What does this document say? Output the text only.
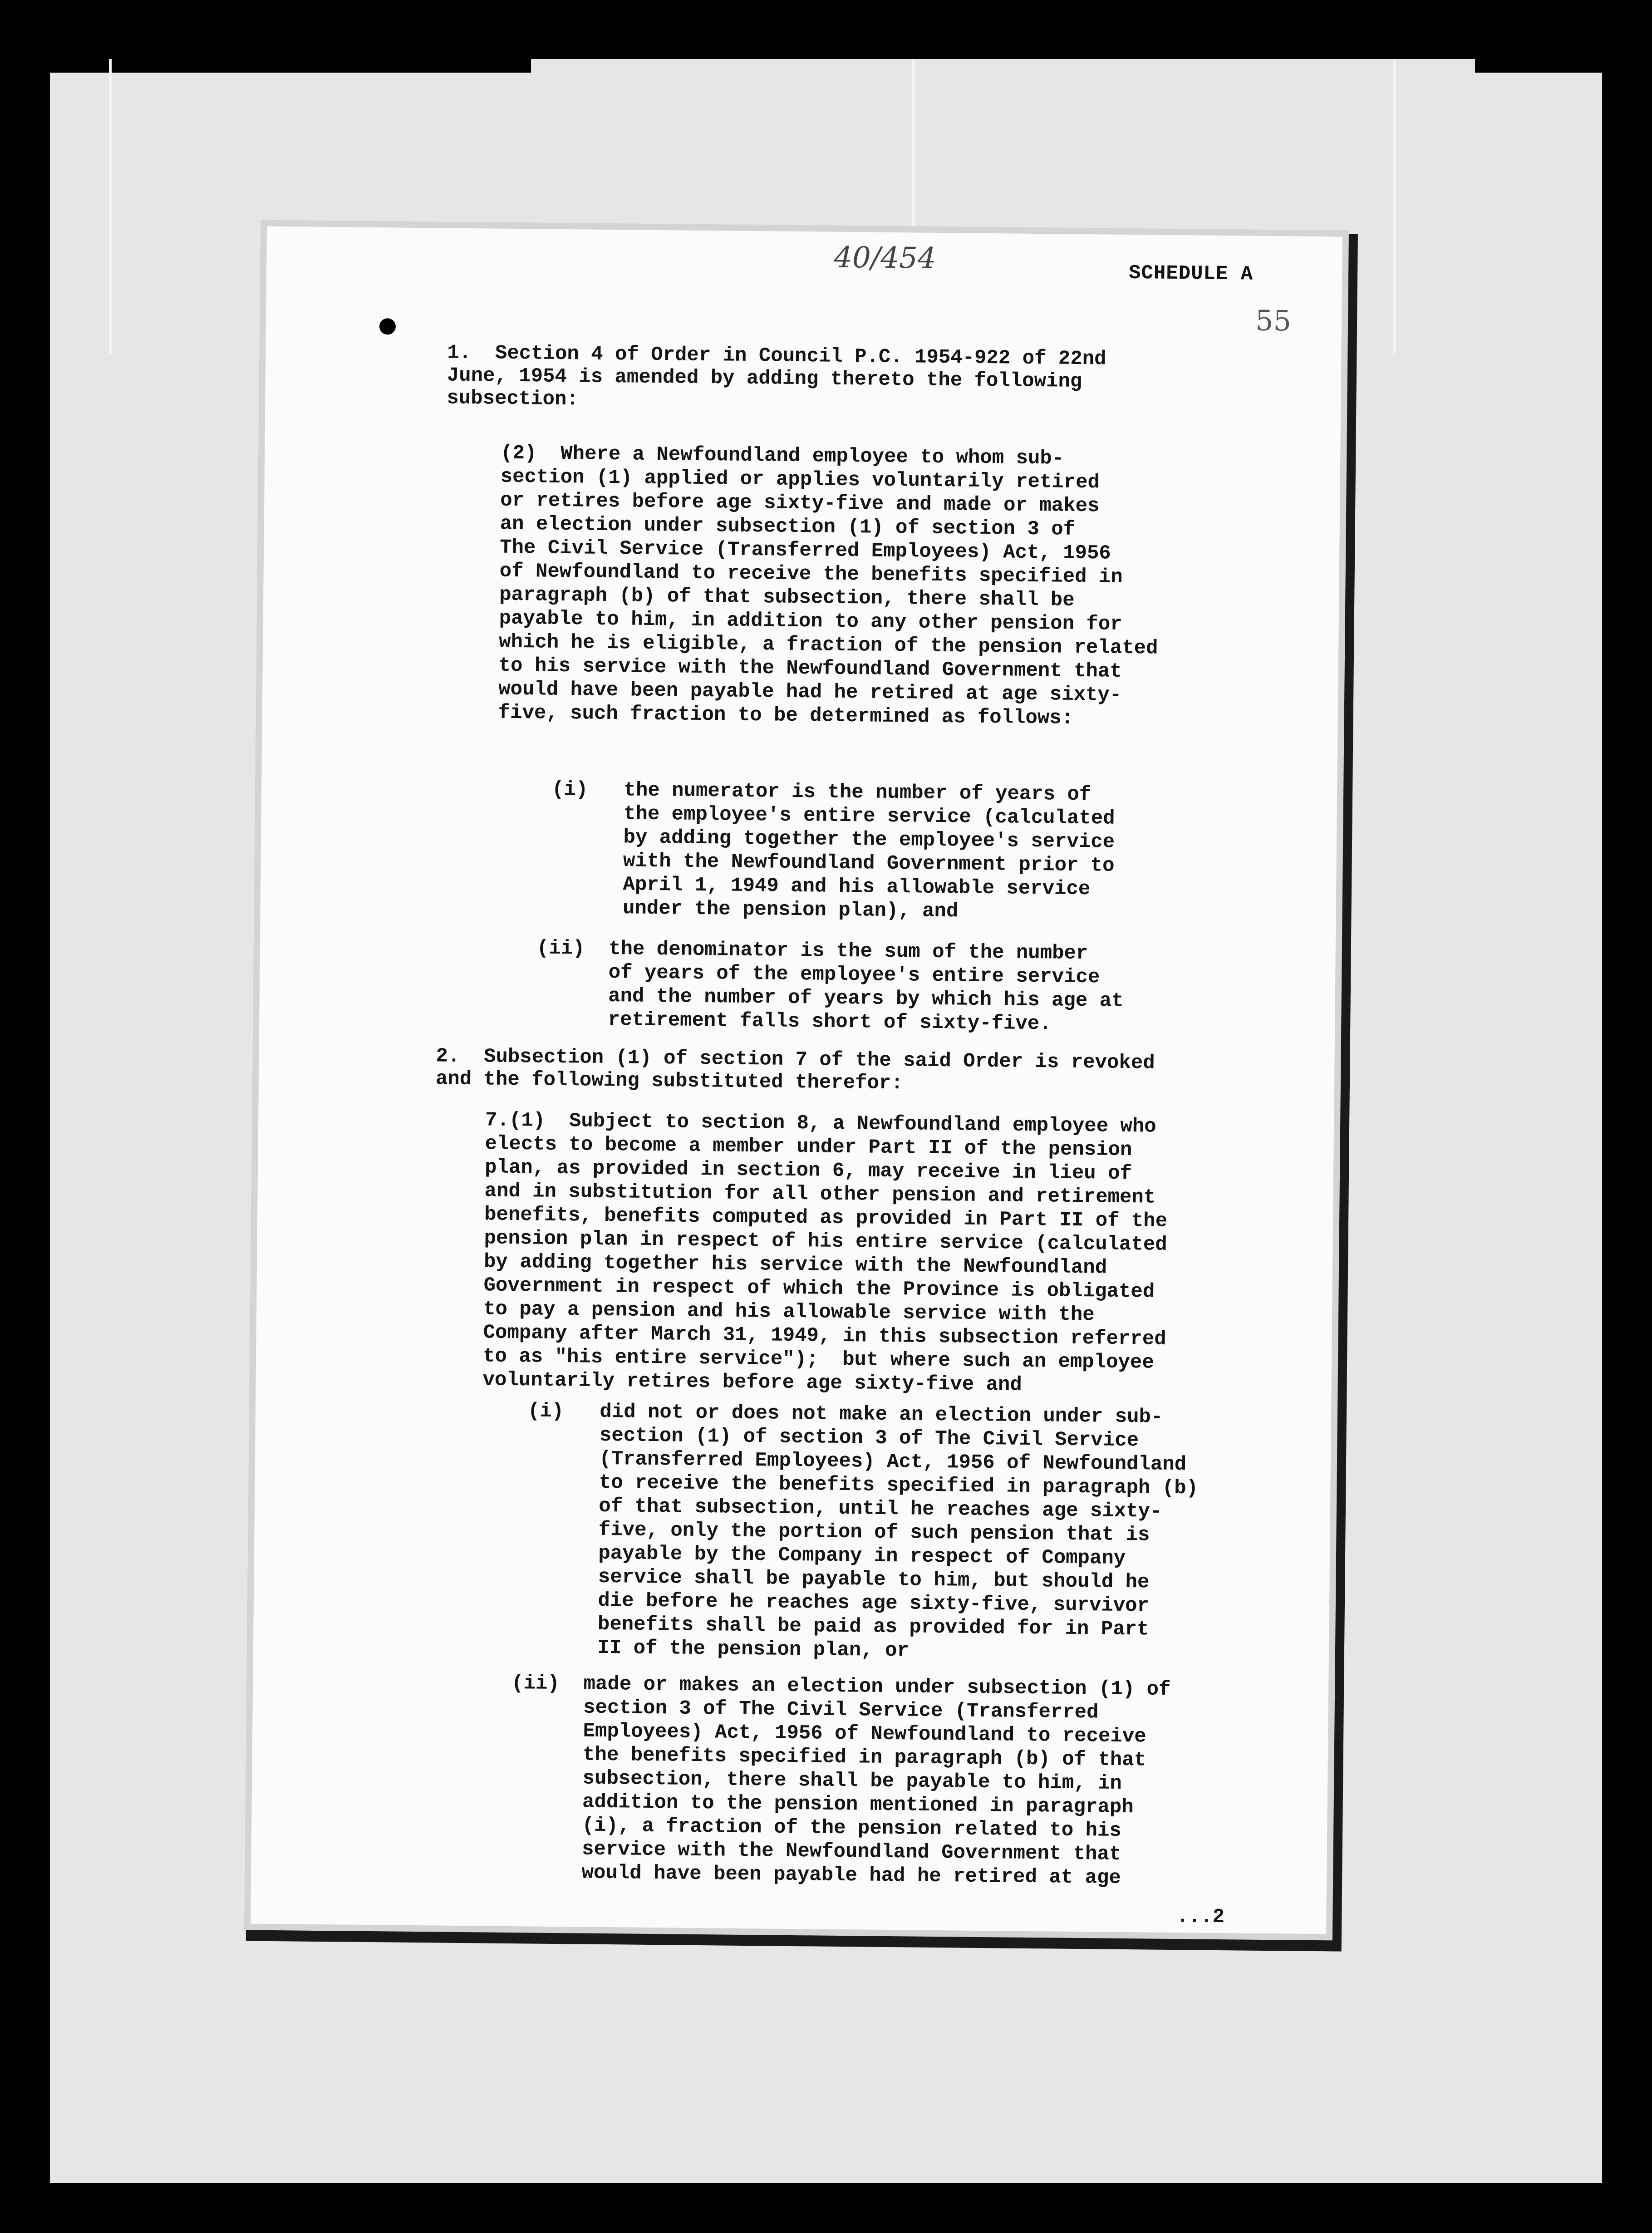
40/454	SCHEDULE A
55
1.  Section 4 of Order in Council P.C. 1954-922 of 22nd
June, 1954 is amended by adding thereto the following
subsection:
(2)  Where a Newfoundland employee to whom sub-
section (1) applied or applies voluntarily retired
or retires before age sixty-five and made or makes
an election under subsection (1) of section 3 of
The Civil Service (Transferred Employees) Act, 1956
of Newfoundland to receive the benefits specified in
paragraph (b) of that subsection, there shall be
payable to him, in addition to any other pension for
which he is eligible, a fraction of the pension related
to his service with the Newfoundland Government that
would have been payable had he retired at age sixty-
five, such fraction to be determined as follows:
(i)   the numerator is the number of years of
the employee's entire service (calculated
by adding together the employee's service
with the Newfoundland Government prior to
April 1, 1949 and his allowable service
under the pension plan), and
(ii)  the denominator is the sum of the number
of years of the employee's entire service
and the number of years by which his age at
retirement falls short of sixty-five.
2.  Subsection (1) of section 7 of the said Order is revoked
and the following substituted therefor:
7.(1)  Subject to section 8, a Newfoundland employee who
elects to become a member under Part II of the pension
plan, as provided in section 6, may receive in lieu of
and in substitution for all other pension and retirement
benefits, benefits computed as provided in Part II of the
pension plan in respect of his entire service (calculated
by adding together his service with the Newfoundland
Government in respect of which the Province is obligated
to pay a pension and his allowable service with the
Company after March 31, 1949, in this subsection referred
to as "his entire service");  but where such an employee
voluntarily retires before age sixty-five and
(i)   did not or does not make an election under sub-
section (1) of section 3 of The Civil Service
(Transferred Employees) Act, 1956 of Newfoundland
to receive the benefits specified in paragraph (b)
of that subsection, until he reaches age sixty-
five, only the portion of such pension that is
payable by the Company in respect of Company
service shall be payable to him, but should he
die before he reaches age sixty-five, survivor
benefits shall be paid as provided for in Part
II of the pension plan, or
(ii)  made or makes an election under subsection (1) of
section 3 of The Civil Service (Transferred
Employees) Act, 1956 of Newfoundland to receive
the benefits specified in paragraph (b) of that
subsection, there shall be payable to him, in
addition to the pension mentioned in paragraph
(i), a fraction of the pension related to his
service with the Newfoundland Government that
would have been payable had he retired at age
...2
